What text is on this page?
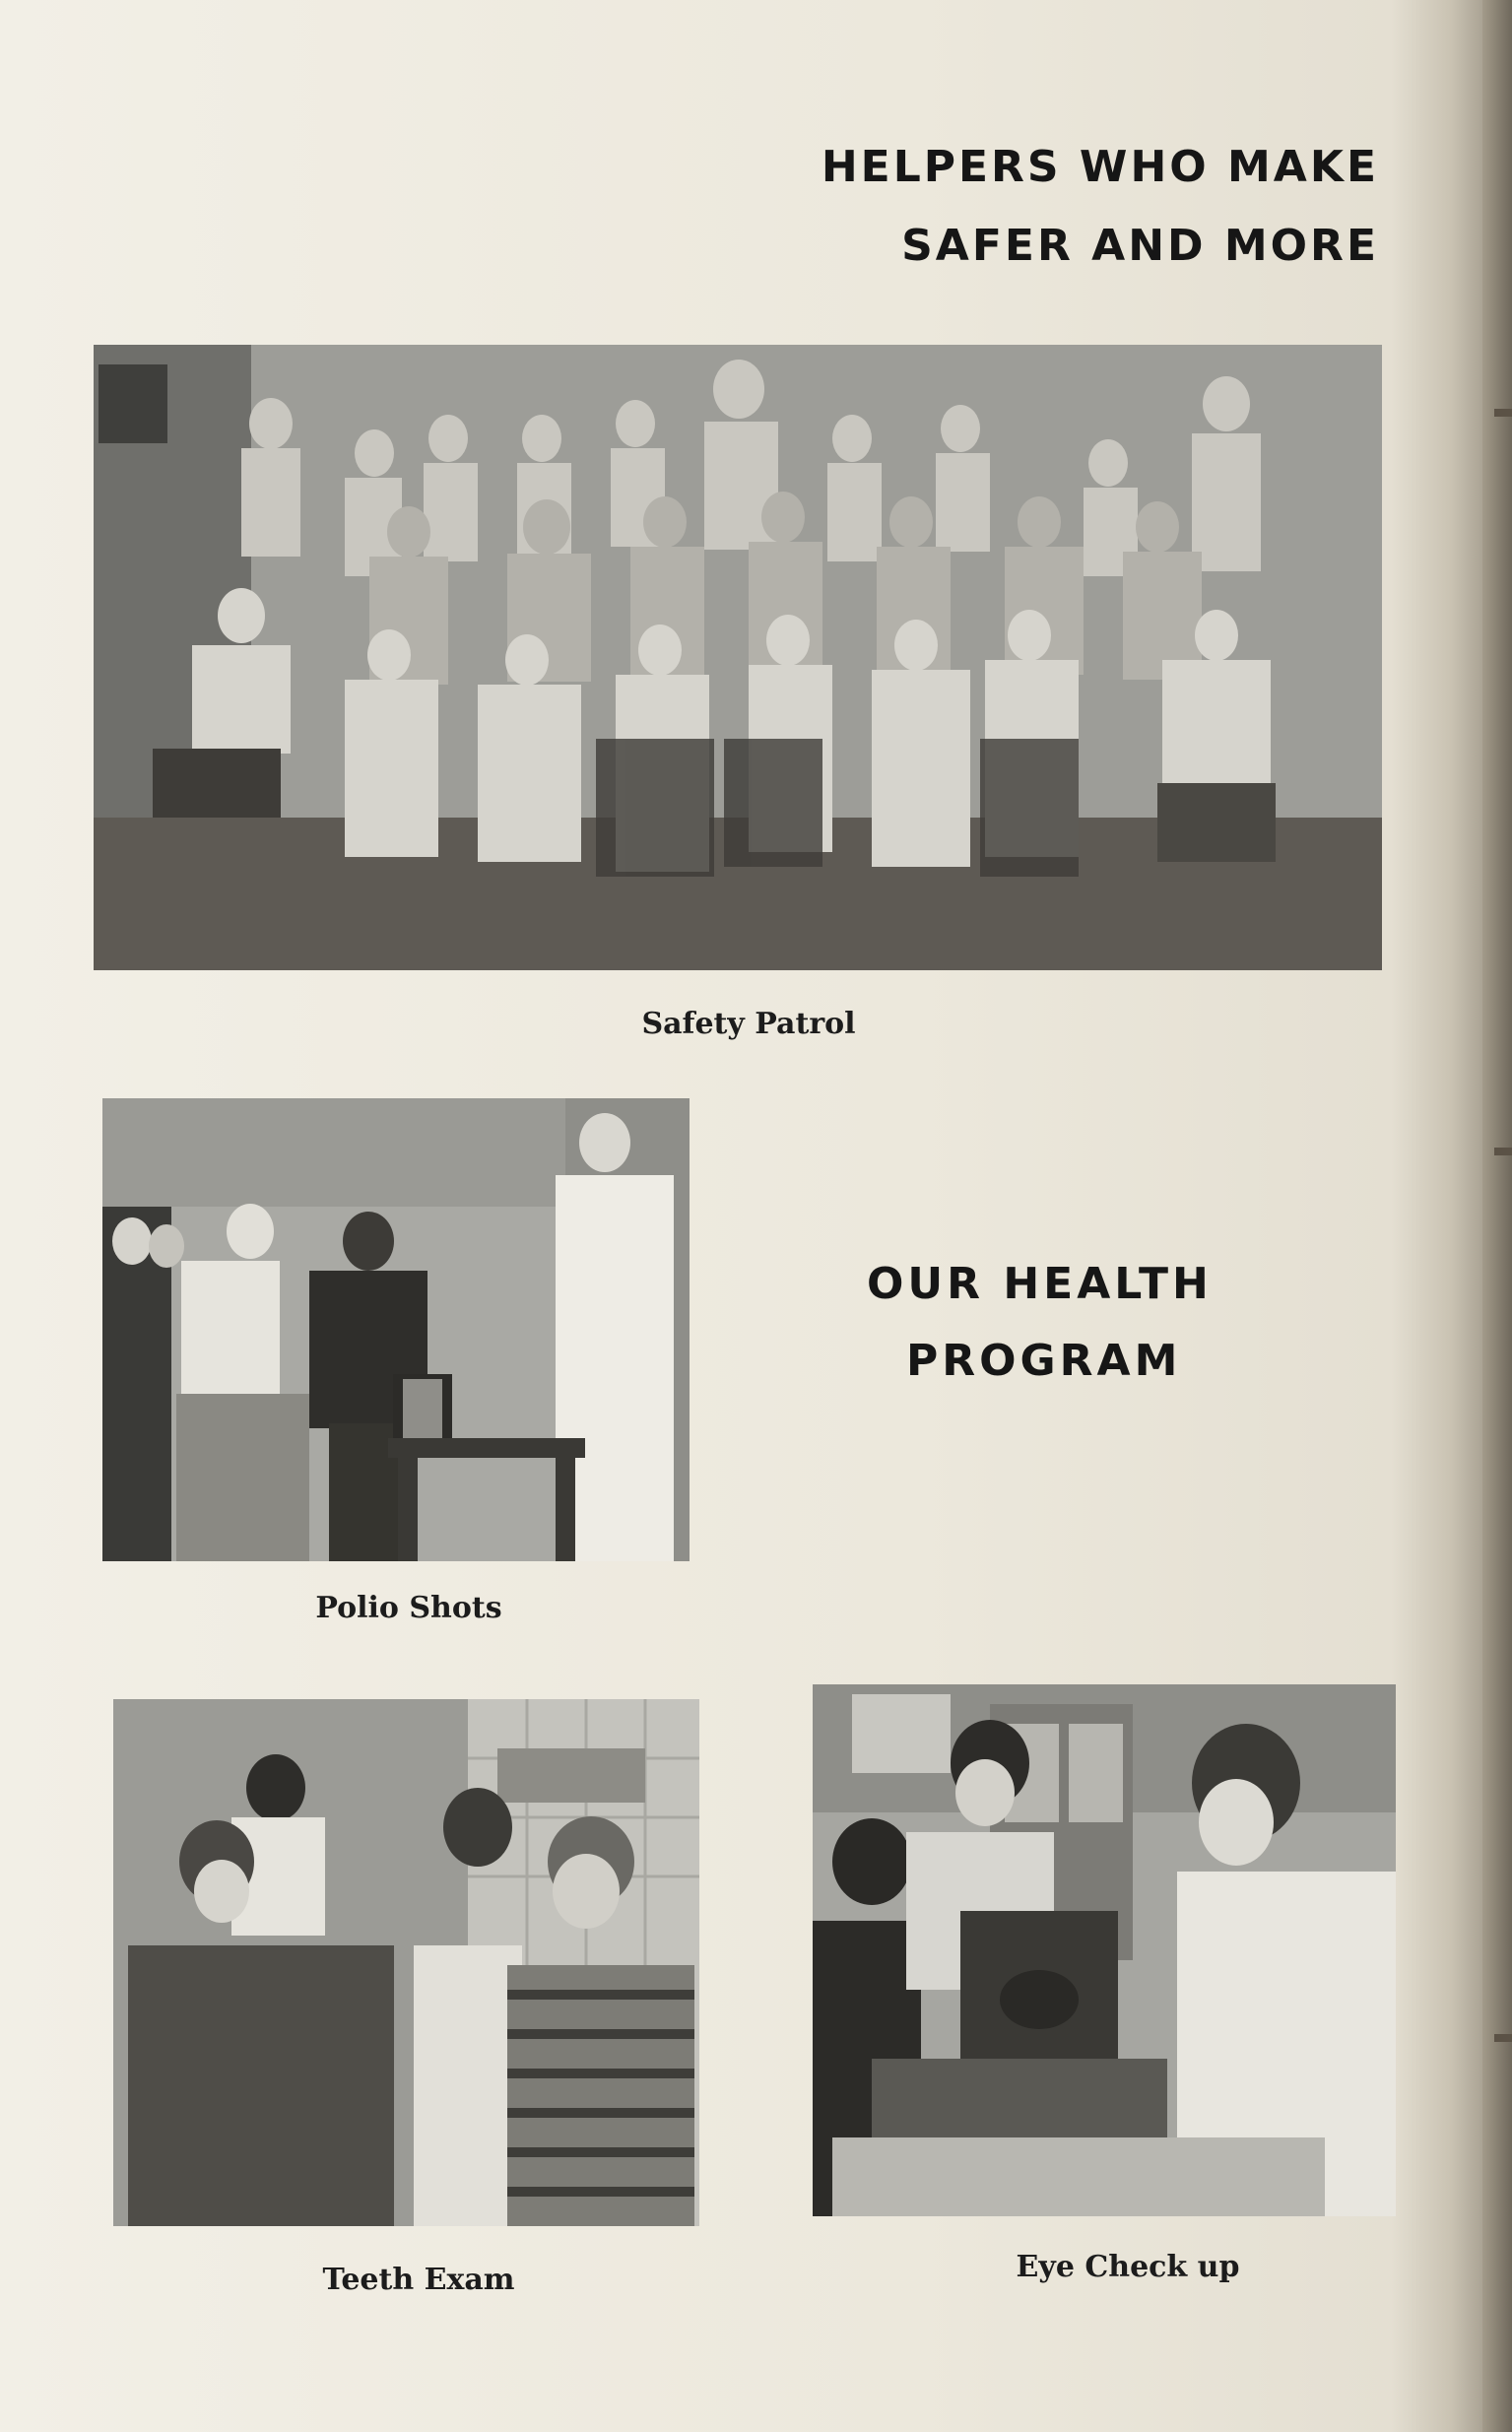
HELPERS WHO MAKE
SAFER AND MORE
Safety Patrol
Polio Shots
OUR HEALTH
PROGRAM
Teeth Exam	Eye Check up
